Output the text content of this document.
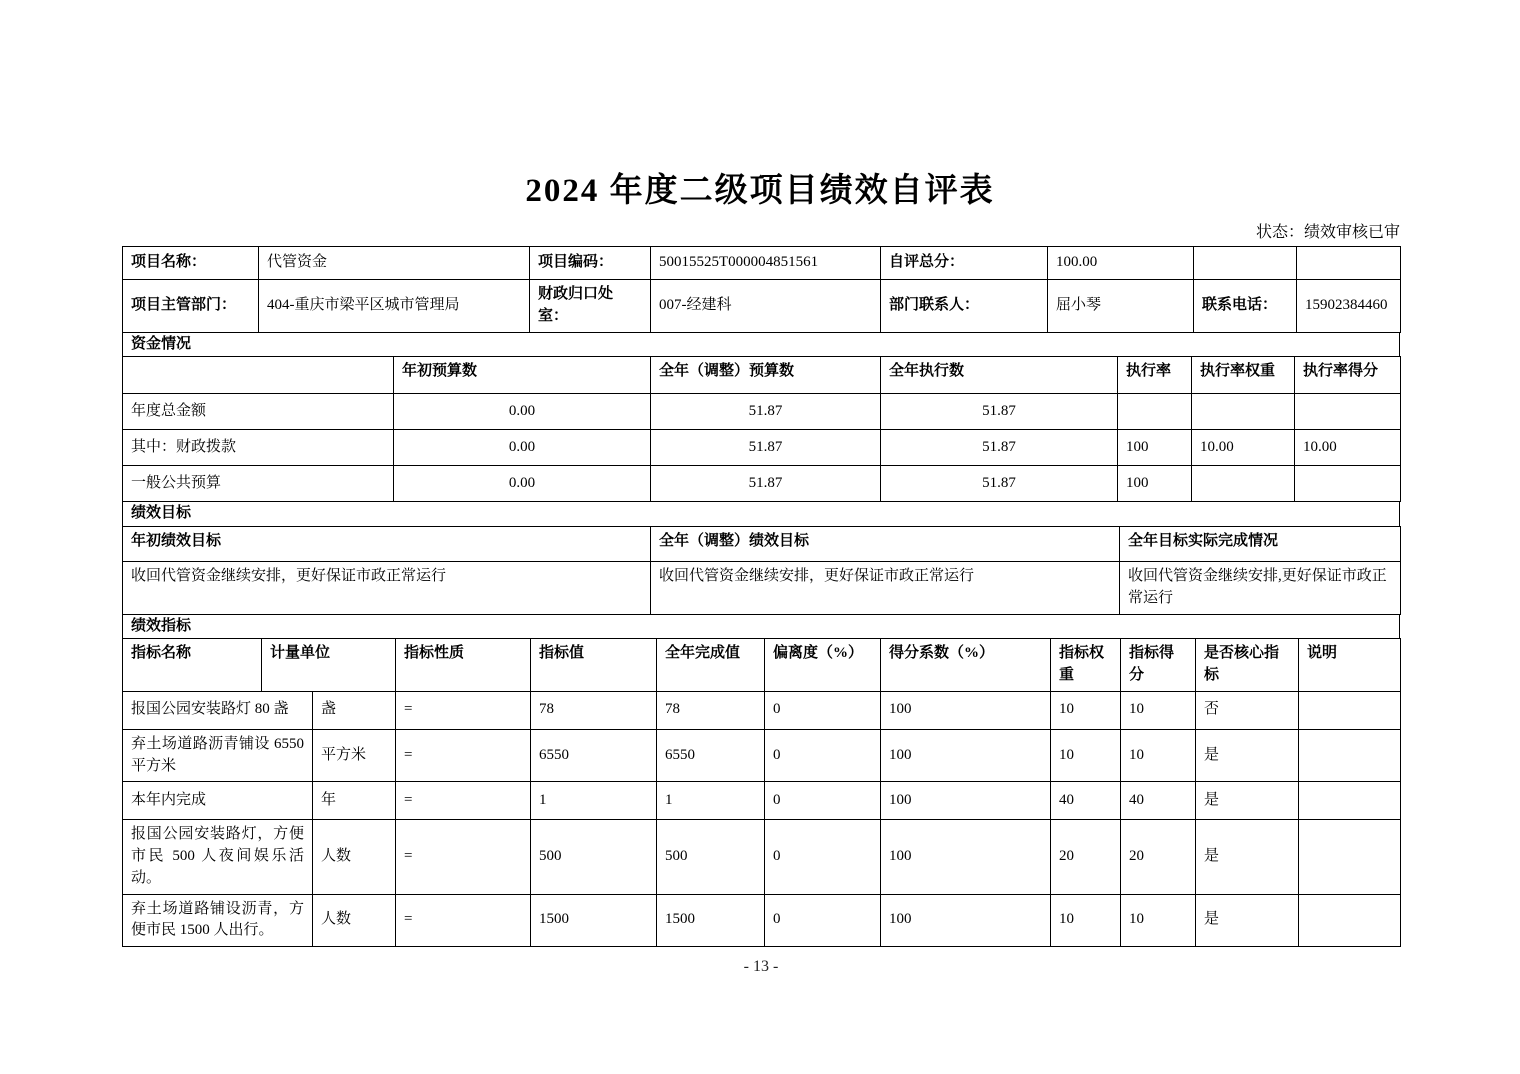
2024 年度二级项目绩效自评表
状态：绩效审核已审
项目名称：	代管资金	项目编码：	50015525T000004851561	自评总分：	100.00		
项目主管部门：	404-重庆市梁平区城市管理局	财政归口处室：	007-经建科	部门联系人：	屈小琴	联系电话：	15902384460
资金情况
	年初预算数	全年（调整）预算数	全年执行数	执行率	执行率权重	执行率得分
年度总金额	0.00	51.87	51.87			
其中：财政拨款	0.00	51.87	51.87	100	10.00	10.00
一般公共预算	0.00	51.87	51.87	100		
绩效目标
年初绩效目标	全年（调整）绩效目标	全年目标实际完成情况
收回代管资金继续安排，更好保证市政正常运行	收回代管资金继续安排，更好保证市政正常运行	收回代管资金继续安排,更好保证市政正常运行
绩效指标
指标名称	计量单位	指标性质	指标值	全年完成值	偏离度（%）	得分系数（%）	指标权重	指标得分	是否核心指标	说明
报国公园安装路灯 80 盏	盏	=	78	78	0	100	10	10	否	
弃土场道路沥青铺设 6550 平方米	平方米	=	6550	6550	0	100	10	10	是	
本年内完成	年	=	1	1	0	100	40	40	是	
报国公园安装路灯，方便市民 500 人夜间娱乐活动。	人数	=	500	500	0	100	20	20	是	
弃土场道路铺设沥青，方便市民 1500 人出行。	人数	=	1500	1500	0	100	10	10	是	
- 13 -
